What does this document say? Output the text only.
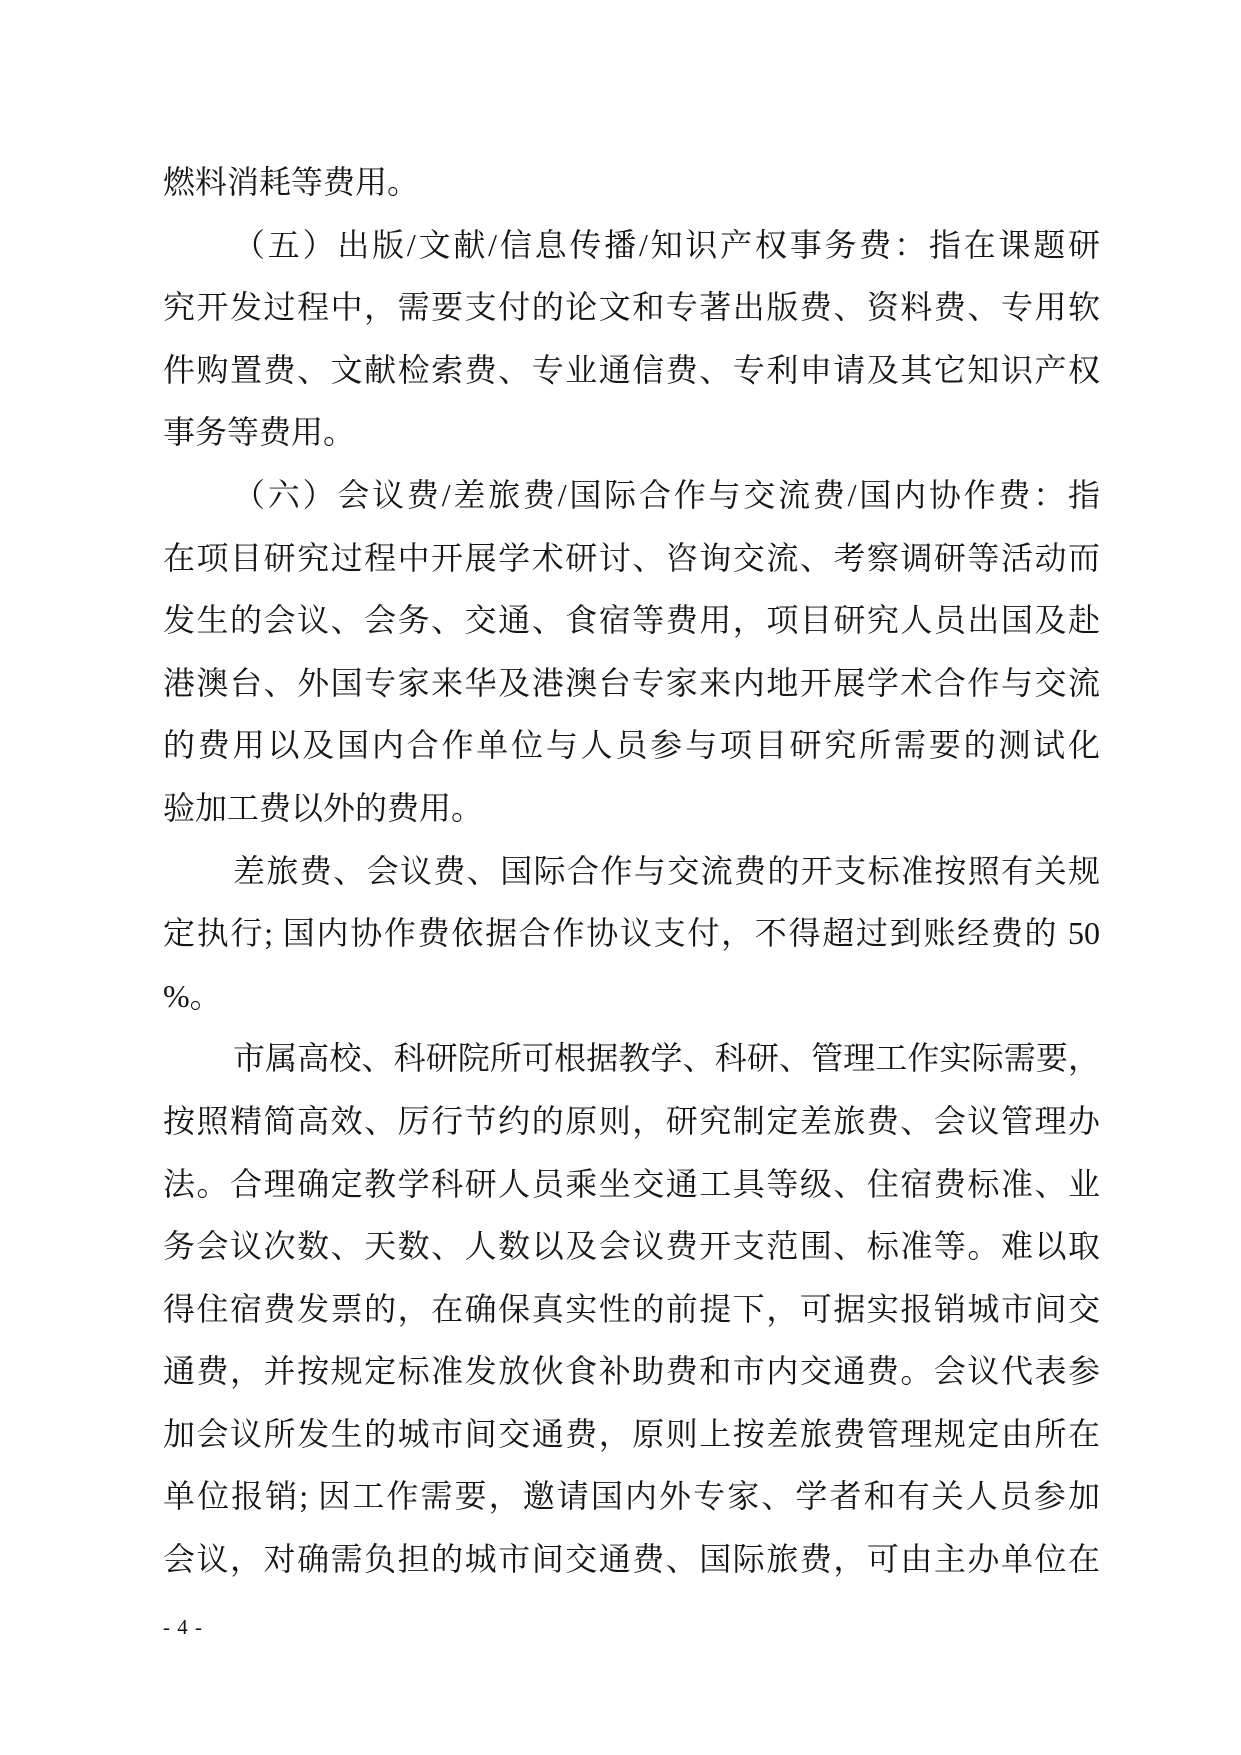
燃料消耗等费用。
（五）出版/文献/信息传播/知识产权事务费：指在课题研
究开发过程中，需要支付的论文和专著出版费、资料费、专用软
件购置费、文献检索费、专业通信费、专利申请及其它知识产权
事务等费用。
（六）会议费/差旅费/国际合作与交流费/国内协作费：指
在项目研究过程中开展学术研讨、咨询交流、考察调研等活动而
发生的会议、会务、交通、食宿等费用，项目研究人员出国及赴
港澳台、外国专家来华及港澳台专家来内地开展学术合作与交流
的费用以及国内合作单位与人员参与项目研究所需要的测试化
验加工费以外的费用。
差旅费、会议费、国际合作与交流费的开支标准按照有关规
定执行; 国内协作费依据合作协议支付，不得超过到账经费的 50
%。
市属高校、科研院所可根据教学、科研、管理工作实际需要，
按照精简高效、厉行节约的原则，研究制定差旅费、会议管理办
法。合理确定教学科研人员乘坐交通工具等级、住宿费标准、业
务会议次数、天数、人数以及会议费开支范围、标准等。难以取
得住宿费发票的，在确保真实性的前提下，可据实报销城市间交
通费，并按规定标准发放伙食补助费和市内交通费。会议代表参
加会议所发生的城市间交通费，原则上按差旅费管理规定由所在
单位报销; 因工作需要，邀请国内外专家、学者和有关人员参加
会议，对确需负担的城市间交通费、国际旅费，可由主办单位在
- 4 -
